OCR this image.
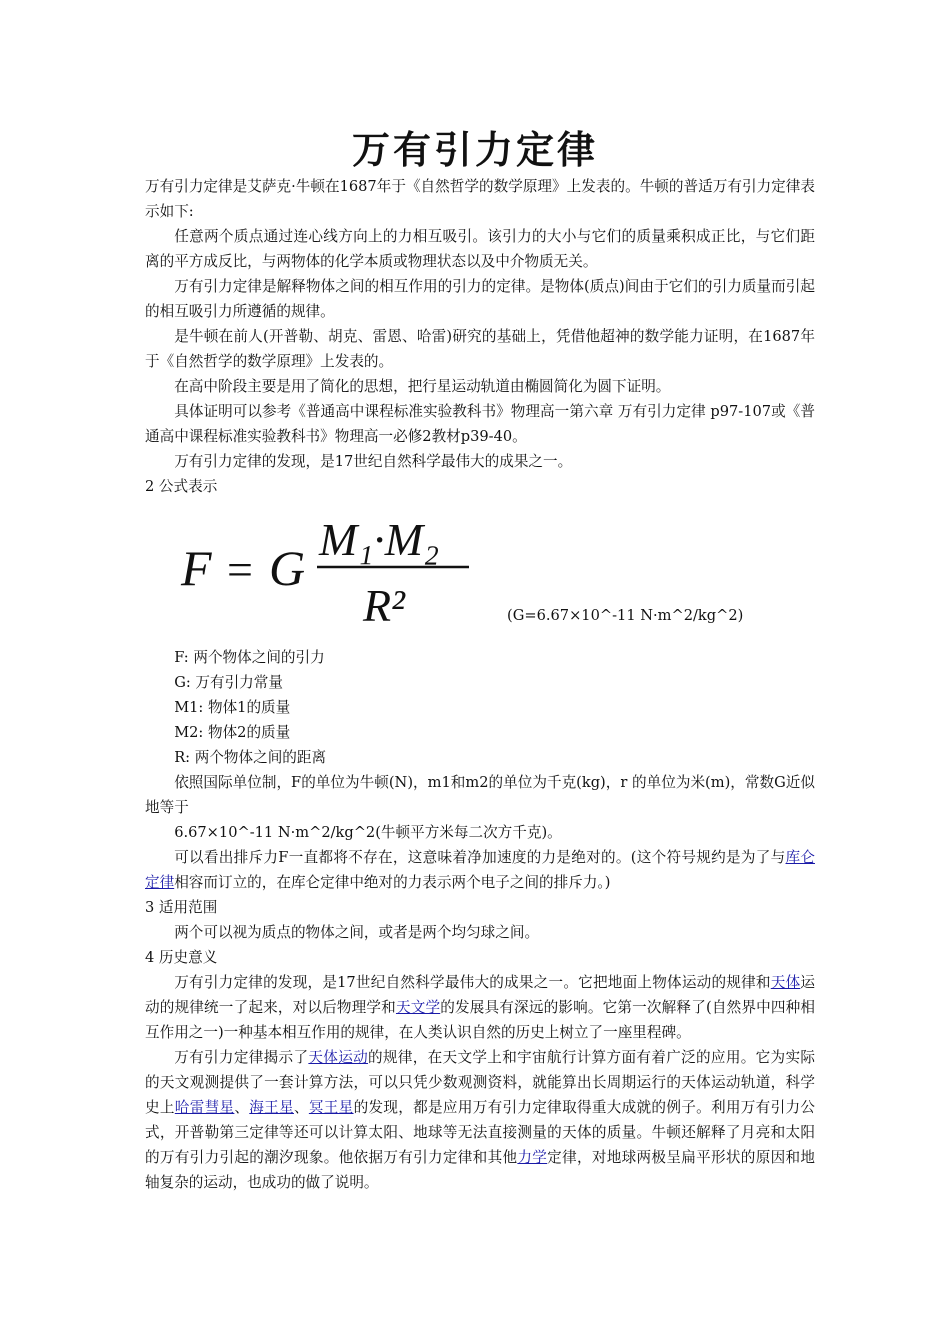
万有引力定律

万有引力定律是艾萨克·牛顿在1687年于《自然哲学的数学原理》上发表的。牛顿的普适万有引力定律表示如下:

任意两个质点通过连心线方向上的力相互吸引。该引力的大小与它们的质量乘积成正比，与它们距离的平方成反比，与两物体的化学本质或物理状态以及中介物质无关。

万有引力定律是解释物体之间的相互作用的引力的定律。是物体(质点)间由于它们的引力质量而引起的相互吸引力所遵循的规律。

是牛顿在前人(开普勒、胡克、雷恩、哈雷)研究的基础上，凭借他超神的数学能力证明，在1687年于《自然哲学的数学原理》上发表的。

在高中阶段主要是用了简化的思想，把行星运动轨道由椭圆简化为圆下证明。

具体证明可以参考《普通高中课程标准实验教科书》物理高一第六章 万有引力定律 p97-107或《普通高中课程标准实验教科书》物理高一必修2教材p39-40。

万有引力定律的发现，是17世纪自然科学最伟大的成果之一。

2 公式表示

F = G
M₁·M₂
R²	(G=6.67×10^-11 N·m^2/kg^2)

F: 两个物体之间的引力

G: 万有引力常量

M1: 物体1的质量

M2: 物体2的质量

R: 两个物体之间的距离

依照国际单位制，F的单位为牛顿(N)，m1和m2的单位为千克(kg)，r 的单位为米(m)，常数G近似地等于

6.67×10^-11 N·m^2/kg^2(牛顿平方米每二次方千克)。

可以看出排斥力F一直都将不存在，这意味着净加速度的力是绝对的。(这个符号规约是为了与库仑定律相容而订立的，在库仑定律中绝对的力表示两个电子之间的排斥力。)

3 适用范围

两个可以视为质点的物体之间，或者是两个均匀球之间。

4 历史意义

万有引力定律的发现，是17世纪自然科学最伟大的成果之一。它把地面上物体运动的规律和天体运动的规律统一了起来，对以后物理学和天文学的发展具有深远的影响。它第一次解释了(自然界中四种相互作用之一)一种基本相互作用的规律，在人类认识自然的历史上树立了一座里程碑。

万有引力定律揭示了天体运动的规律，在天文学上和宇宙航行计算方面有着广泛的应用。它为实际的天文观测提供了一套计算方法，可以只凭少数观测资料，就能算出长周期运行的天体运动轨道，科学史上哈雷彗星、海王星、冥王星的发现，都是应用万有引力定律取得重大成就的例子。利用万有引力公式，开普勒第三定律等还可以计算太阳、地球等无法直接测量的天体的质量。牛顿还解释了月亮和太阳的万有引力引起的潮汐现象。他依据万有引力定律和其他力学定律，对地球两极呈扁平形状的原因和地轴复杂的运动，也成功的做了说明。
